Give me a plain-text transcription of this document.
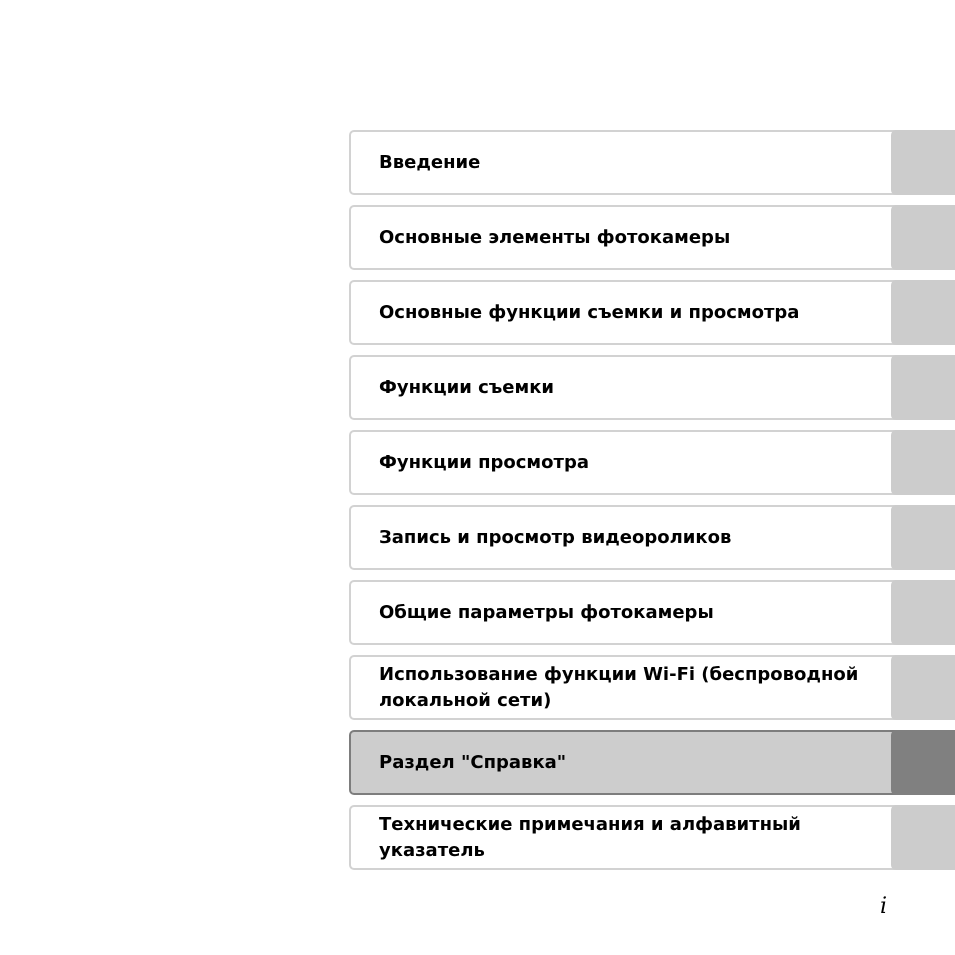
Введение
Основные элементы фотокамеры
Основные функции съемки и просмотра
Функции съемки
Функции просмотра
Запись и просмотр видеороликов
Общие параметры фотокамеры
Использование функции Wi-Fi (беспроводной локальной сети)
Раздел "Справка"
Технические примечания и алфавитный указатель
i
